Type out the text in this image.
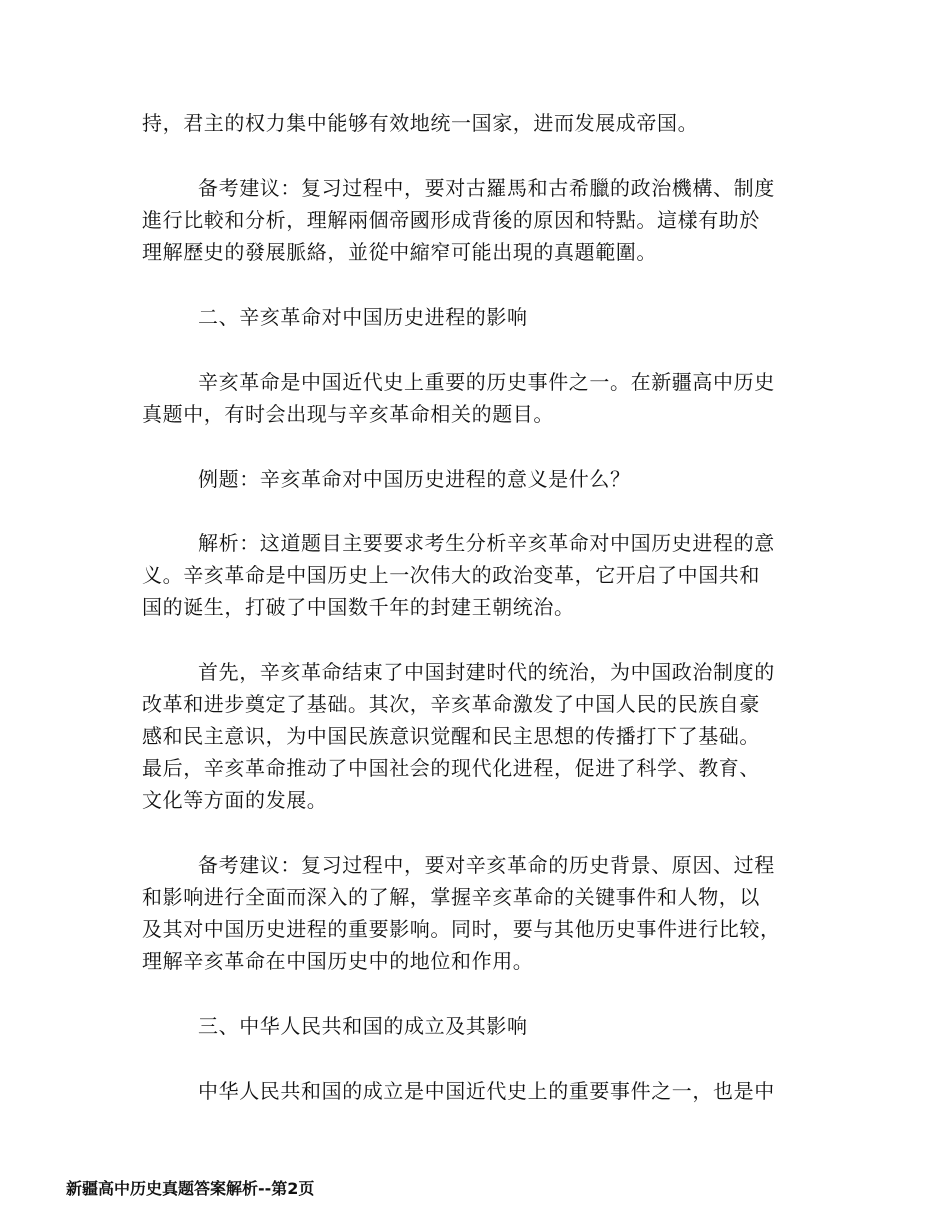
持，君主的权力集中能够有效地统一国家，进而发展成帝国。
备考建议：复习过程中，要对古羅馬和古希臘的政治機構、制度
進行比較和分析，理解兩個帝國形成背後的原因和特點。這樣有助於
理解歷史的發展脈絡，並從中縮窄可能出現的真題範圍。
二、辛亥革命对中国历史进程的影响
辛亥革命是中国近代史上重要的历史事件之一。在新疆高中历史
真题中，有时会出现与辛亥革命相关的题目。
例题：辛亥革命对中国历史进程的意义是什么？
解析：这道题目主要要求考生分析辛亥革命对中国历史进程的意
义。辛亥革命是中国历史上一次伟大的政治变革，它开启了中国共和
国的诞生，打破了中国数千年的封建王朝统治。
首先，辛亥革命结束了中国封建时代的统治，为中国政治制度的
改革和进步奠定了基础。其次，辛亥革命激发了中国人民的民族自豪
感和民主意识，为中国民族意识觉醒和民主思想的传播打下了基础。
最后，辛亥革命推动了中国社会的现代化进程，促进了科学、教育、
文化等方面的发展。
备考建议：复习过程中，要对辛亥革命的历史背景、原因、过程
和影响进行全面而深入的了解，掌握辛亥革命的关键事件和人物，以
及其对中国历史进程的重要影响。同时，要与其他历史事件进行比较，
理解辛亥革命在中国历史中的地位和作用。
三、中华人民共和国的成立及其影响
中华人民共和国的成立是中国近代史上的重要事件之一，也是中
新疆高中历史真题答案解析--第2页
